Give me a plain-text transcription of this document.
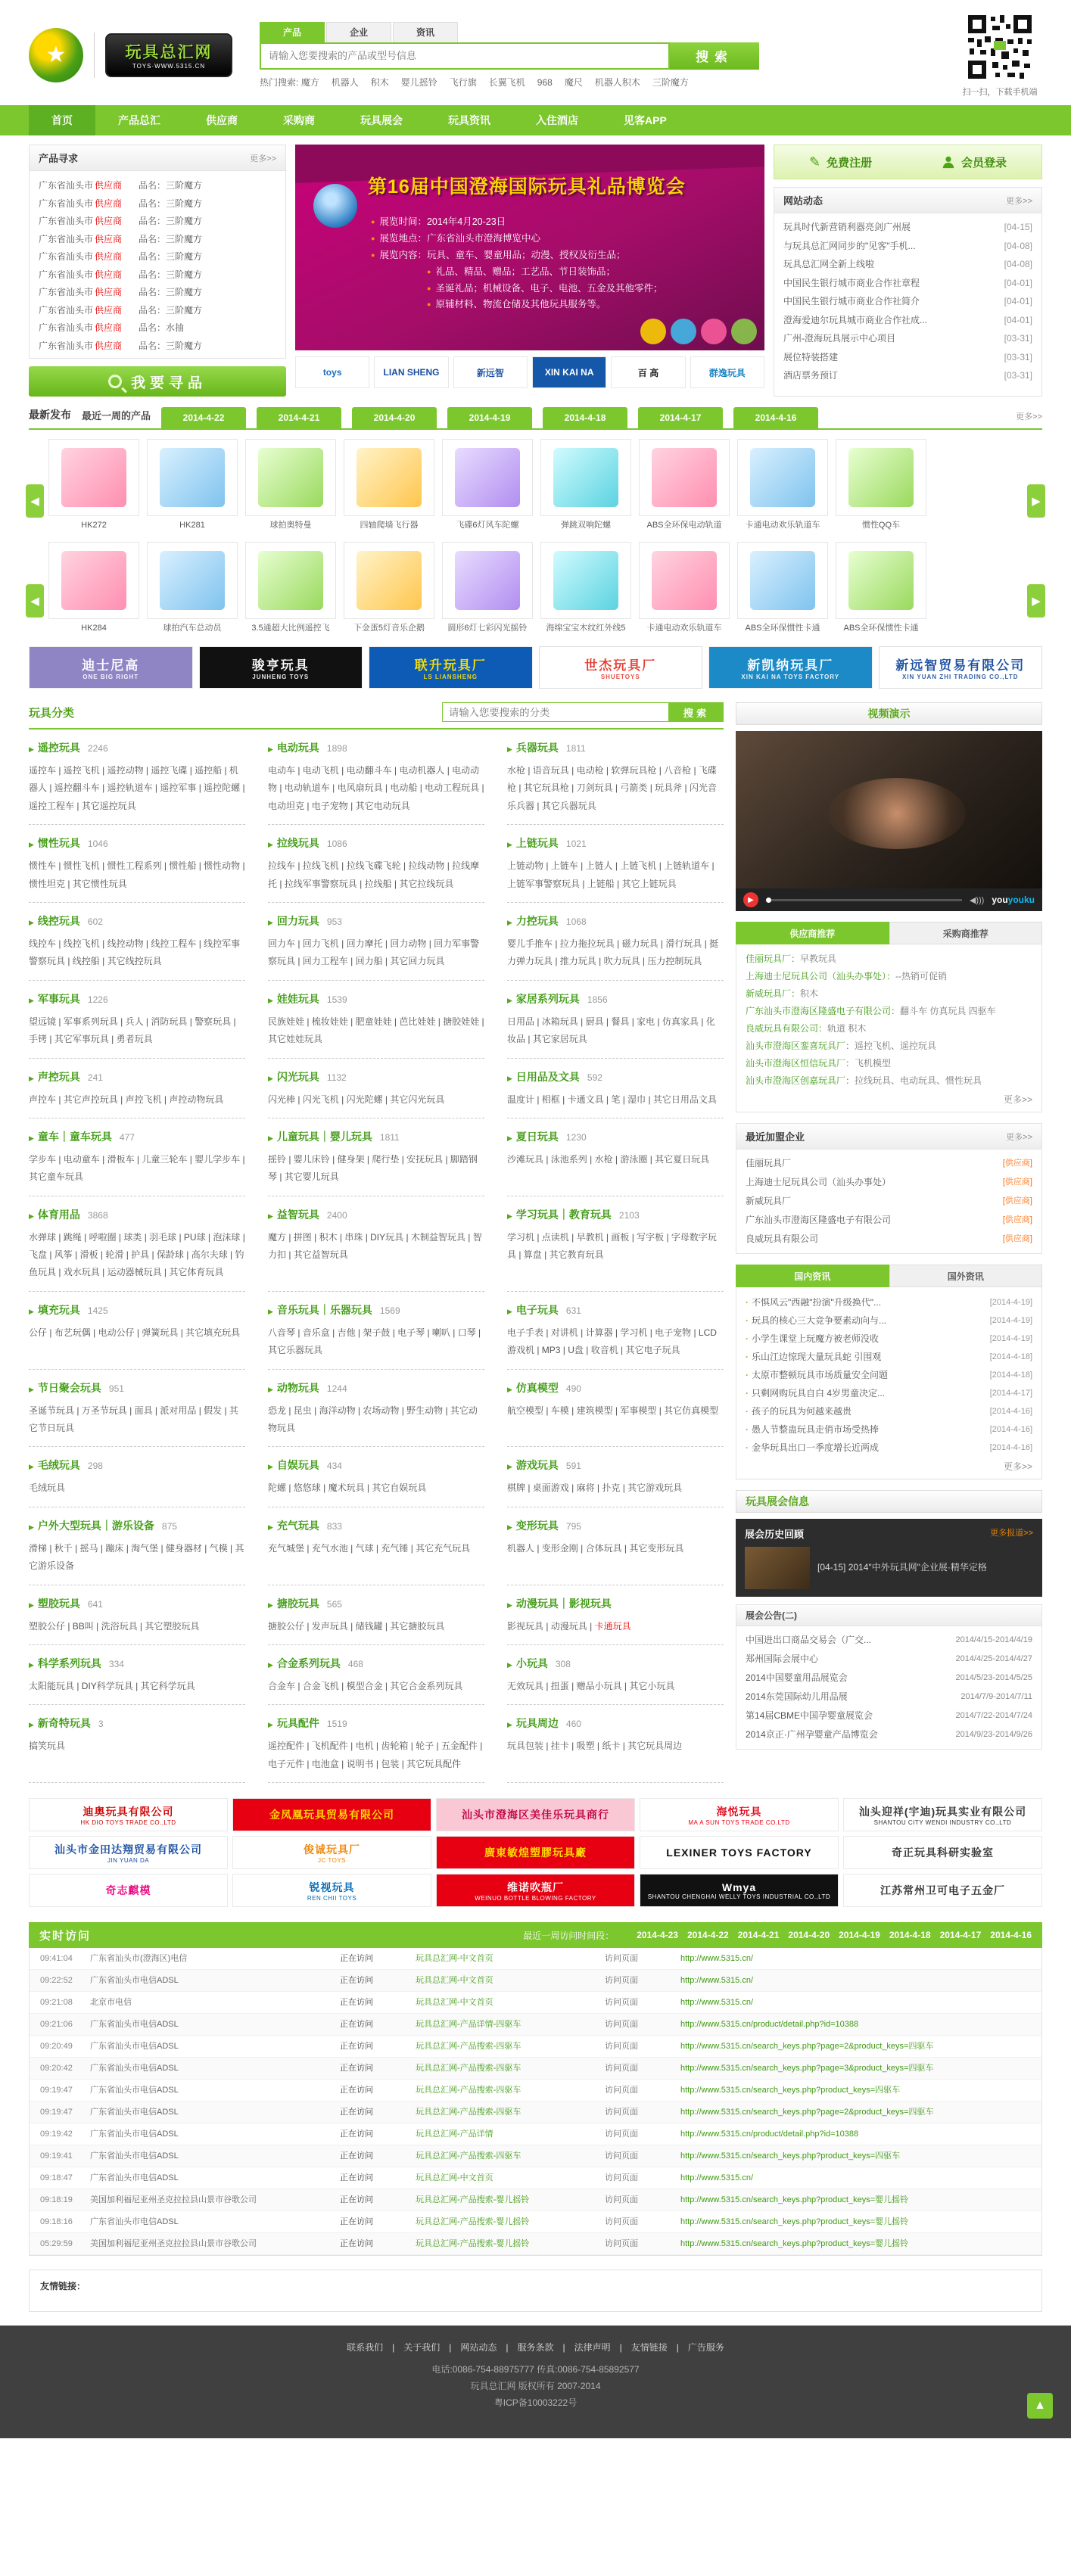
★	玩具总汇网
TOYS·WWW.5315.CN
产品	企业	资讯
请输入您要搜索的产品或型号信息
搜索
热门搜索: 魔方 机器人 积木 婴儿摇铃 飞行旗 长翼飞机 968 魔尺 机器人积木 三阶魔方
扫一扫，下载手机端
首页	产品总汇	供应商	采购商	玩具展会	玩具资讯	入住酒店	见客APP
产品寻求	更多>>
广东省汕头市 供应商 品名：三阶魔方
广东省汕头市 供应商 品名：三阶魔方
广东省汕头市 供应商 品名：三阶魔方
广东省汕头市 供应商 品名：三阶魔方
广东省汕头市 供应商 品名：三阶魔方
广东省汕头市 供应商 品名：三阶魔方
广东省汕头市 供应商 品名：三阶魔方
广东省汕头市 供应商 品名：三阶魔方
广东省汕头市 供应商 品名：水抽
广东省汕头市 供应商 品名：三阶魔方
我要寻品
第16届中国澄海国际玩具礼品博览会
● 展览时间：2014年4月20-23日
● 展览地点：广东省汕头市澄海博览中心
● 展览内容：玩具、童车、婴童用品；动漫、授权及衍生品；
● 礼品、精品、赠品；工艺品、节日装饰品；
● 圣诞礼品；机械设备、电子、电池、五金及其他零件；
● 原辅材料、物流仓储及其他玩具服务等。
toys	LIAN SHENG	新远智	XIN KAI NA	百 高	群逸玩具
✎ 免费注册	会员登录
网站动态	更多>>
玩具时代新营销利器亮剑广州展	[04-15]
与玩具总汇网同步的"见客"手机...	[04-08]
玩具总汇网全新上线啦	[04-08]
中国民生银行城市商业合作社章程	[04-01]
中国民生银行城市商业合作社简介	[04-01]
澄海爱迪尔玩具城市商业合作社成...	[04-01]
广州-澄海玩具展示中心项目	[03-31]
展位特装搭建	[03-31]
酒店票务预订	[03-31]
最新发布 最近一周的产品	2014-4-22	2014-4-21	2014-4-20	2014-4-19	2014-4-18	2014-4-17	2014-4-16	更多>>
◀	▶
◀	▶
HK272	HK281	球拍奥特曼	四轴爬墙飞行器	飞碟6灯风车陀螺	弹跳双响陀螺	ABS全环保电动轨道	卡通电动欢乐轨道车	惯性QQ车
HK284	球拍汽车总动员	3.5通超大比例遥控飞	下金蛋5灯音乐企鹅	圆形6灯七彩闪光摇铃	海绵宝宝木纹红外线5	卡通电动欢乐轨道车	ABS全环保惯性卡通	ABS全环保惯性卡通
迪士尼高
ONE BIG RIGHT
骏亨玩具
JUNHENG TOYS
联升玩具厂
LS LIANSHENG
世杰玩具厂
SHUETOYS
新凯纳玩具厂
XIN KAI NA TOYS FACTORY
新远智贸易有限公司
XIN YUAN ZHI TRADING CO.,LTD
玩具分类
请输入您要搜索的分类	搜索
▶ 遥控玩具 2246
遥控车 | 遥控飞机 | 遥控动物 | 遥控飞碟 | 遥控船 | 机器人 | 遥控翻斗车 | 遥控轨道车 | 遥控军事 | 遥控陀螺 | 遥控工程车 | 其它遥控玩具
▶ 电动玩具 1898
电动车 | 电动飞机 | 电动翻斗车 | 电动机器人 | 电动动物 | 电动轨道车 | 电风扇玩具 | 电动船 | 电动工程玩具 | 电动坦克 | 电子宠物 | 其它电动玩具
▶ 兵器玩具 1811
水枪 | 语音玩具 | 电动枪 | 软弹玩具枪 | 八音枪 | 飞碟枪 | 其它玩具枪 | 刀剑玩具 | 弓箭类 | 玩具斧 | 闪光音乐兵器 | 其它兵器玩具
▶ 惯性玩具 1046
惯性车 | 惯性飞机 | 惯性工程系列 | 惯性船 | 惯性动物 | 惯性坦克 | 其它惯性玩具
▶ 拉线玩具 1086
拉线车 | 拉线飞机 | 拉线飞碟飞轮 | 拉线动物 | 拉线摩托 | 拉线军事警察玩具 | 拉线船 | 其它拉线玩具
▶ 上链玩具 1021
上链动物 | 上链车 | 上链人 | 上链飞机 | 上链轨道车 | 上链军事警察玩具 | 上链船 | 其它上链玩具
▶ 线控玩具 602
线控车 | 线控飞机 | 线控动物 | 线控工程车 | 线控军事警察玩具 | 线控船 | 其它线控玩具
▶ 回力玩具 953
回力车 | 回力飞机 | 回力摩托 | 回力动物 | 回力军事警察玩具 | 回力工程车 | 回力船 | 其它回力玩具
▶ 力控玩具 1068
婴儿手推车 | 拉力拖拉玩具 | 磁力玩具 | 滑行玩具 | 挺力弹力玩具 | 推力玩具 | 吹力玩具 | 压力控制玩具
▶ 军事玩具 1226
望远镜 | 军事系列玩具 | 兵人 | 消防玩具 | 警察玩具 | 手铐 | 其它军事玩具 | 勇者玩具
▶ 娃娃玩具 1539
民族娃娃 | 梳妆娃娃 | 肥童娃娃 | 芭比娃娃 | 搪胶娃娃 | 其它娃娃玩具
▶ 家居系列玩具 1856
日用品 | 冰箱玩具 | 厨具 | 餐具 | 家电 | 仿真家具 | 化妆品 | 其它家居玩具
▶ 声控玩具 241
声控车 | 其它声控玩具 | 声控飞机 | 声控动物玩具
▶ 闪光玩具 1132
闪光棒 | 闪光飞机 | 闪光陀螺 | 其它闪光玩具
▶ 日用品及文具 592
温度计 | 相框 | 卡通文具 | 笔 | 湿巾 | 其它日用品文具
▶ 童车｜童车玩具 477
学步车 | 电动童车 | 滑板车 | 儿童三轮车 | 婴儿学步车 | 其它童车玩具
▶ 儿童玩具｜婴儿玩具 1811
摇铃 | 婴儿床铃 | 健身架 | 爬行垫 | 安抚玩具 | 脚踏钢琴 | 其它婴儿玩具
▶ 夏日玩具 1230
沙滩玩具 | 泳池系列 | 水枪 | 游泳圈 | 其它夏日玩具
▶ 体育用品 3868
水弹球 | 跳绳 | 呼啦圈 | 球类 | 羽毛球 | PU球 | 泡沫球 | 飞盘 | 风筝 | 滑板 | 轮滑 | 护具 | 保龄球 | 高尔夫球 | 钓鱼玩具 | 戏水玩具 | 运动器械玩具 | 其它体育玩具
▶ 益智玩具 2400
魔方 | 拼图 | 积木 | 串珠 | DIY玩具 | 木制益智玩具 | 智力扣 | 其它益智玩具
▶ 学习玩具｜教育玩具 2103
学习机 | 点读机 | 早教机 | 画板 | 写字板 | 字母数字玩具 | 算盘 | 其它教育玩具
▶ 填充玩具 1425
公仔 | 布艺玩偶 | 电动公仔 | 弹簧玩具 | 其它填充玩具
▶ 音乐玩具｜乐器玩具 1569
八音琴 | 音乐盒 | 吉他 | 架子鼓 | 电子琴 | 喇叭 | 口琴 | 其它乐器玩具
▶ 电子玩具 631
电子手表 | 对讲机 | 计算器 | 学习机 | 电子宠物 | LCD游戏机 | MP3 | U盘 | 收音机 | 其它电子玩具
▶ 节日聚会玩具 951
圣诞节玩具 | 万圣节玩具 | 面具 | 派对用品 | 假发 | 其它节日玩具
▶ 动物玩具 1244
恐龙 | 昆虫 | 海洋动物 | 农场动物 | 野生动物 | 其它动物玩具
▶ 仿真模型 490
航空模型 | 车模 | 建筑模型 | 军事模型 | 其它仿真模型
▶ 毛绒玩具 298
毛绒玩具
▶ 自娱玩具 434
陀螺 | 悠悠球 | 魔术玩具 | 其它自娱玩具
▶ 游戏玩具 591
棋牌 | 桌面游戏 | 麻将 | 扑克 | 其它游戏玩具
▶ 户外大型玩具｜游乐设备 875
滑梯 | 秋千 | 摇马 | 蹦床 | 淘气堡 | 健身器材 | 气模 | 其它游乐设备
▶ 充气玩具 833
充气城堡 | 充气水池 | 气球 | 充气锤 | 其它充气玩具
▶ 变形玩具 795
机器人 | 变形金刚 | 合体玩具 | 其它变形玩具
▶ 塑胶玩具 641
塑胶公仔 | BB叫 | 洗浴玩具 | 其它塑胶玩具
▶ 搪胶玩具 565
搪胶公仔 | 发声玩具 | 储钱罐 | 其它搪胶玩具
▶ 动漫玩具｜影视玩具
影视玩具 | 动漫玩具 | 卡通玩具
▶ 科学系列玩具 334
太阳能玩具 | DIY科学玩具 | 其它科学玩具
▶ 合金系列玩具 468
合金车 | 合金飞机 | 模型合金 | 其它合金系列玩具
▶ 小玩具 308
无效玩具 | 扭蛋 | 赠品小玩具 | 其它小玩具
▶ 新奇特玩具 3
搞笑玩具
▶ 玩具配件 1519
遥控配件 | 飞机配件 | 电机 | 齿轮箱 | 轮子 | 五金配件 | 电子元件 | 电池盒 | 说明书 | 包装 | 其它玩具配件
▶ 玩具周边 460
玩具包装 | 挂卡 | 吸塑 | 纸卡 | 其它玩具周边
视频演示
▶	◀))) youyouku
供应商推荐	采购商推荐
佳丽玩具厂：早教玩具
上海迪士尼玩具公司（汕头办事处）：--热销可促销
新威玩具厂：积木
广东汕头市澄海区隆盛电子有限公司：翻斗车 仿真玩具 四驱车
良威玩具有限公司：轨道 积木
汕头市澄海区銮喜玩具厂：遥控飞机、遥控玩具
汕头市澄海区恒信玩具厂：飞机模型
汕头市澄海区创嘉玩具厂：拉线玩具、电动玩具、惯性玩具
更多>>
最近加盟企业	更多>>
佳丽玩具厂	[供应商]
上海迪士尼玩具公司（汕头办事处）	[供应商]
新威玩具厂	[供应商]
广东汕头市澄海区隆盛电子有限公司	[供应商]
良威玩具有限公司	[供应商]
国内资讯	国外资讯
· 不惧风云"西融"扮演"升级换代"...	[2014-4-19]
· 玩具的核心三大竞争要素动向与...	[2014-4-19]
· 小学生课堂上玩魔方被老师没收	[2014-4-19]
· 乐山江边惊现大量玩具蛇 引围观	[2014-4-18]
· 太原市整顿玩具市场质量安全问题	[2014-4-18]
· 只剩网购玩具自白 4岁男童决定...	[2014-4-17]
· 孩子的玩具为何越来越贵	[2014-4-16]
· 愚人节整蛊玩具走俏市场受热捧	[2014-4-16]
· 金华玩具出口一季度增长近两成	[2014-4-16]
更多>>
玩具展会信息
展会历史回顾	更多报道>>
[04-15] 2014"中外玩具网"企业展·精华定格
展会公告(二)
中国进出口商品交易会（广交...	2014/4/15-2014/4/19
郑州国际会展中心	2014/4/25-2014/4/27
2014中国婴童用品展览会	2014/5/23-2014/5/25
2014东莞国际幼儿用品展	2014/7/9-2014/7/11
第14届CBME中国孕婴童展览会	2014/7/22-2014/7/24
2014京正·广州孕婴童产品博览会	2014/9/23-2014/9/26
迪奥玩具有限公司
HK DIO TOYS TRADE CO.,LTD
金凤凰玩具贸易有限公司	汕头市澄海区美佳乐玩具商行	海悦玩具
MA A SUN TOYS TRADE CO.LTD
汕头迎祥(宇迪)玩具实业有限公司
SHANTOU CITY WENDI INDUSTRY CO.,LTD
汕头市金田达翔贸易有限公司
JIN YUAN DA
俊诚玩具厂
JC TOYS
廣東敏煌塑膠玩具廠	LEXINER TOYS FACTORY	奇正玩具科研实验室
奇志麒模	锐视玩具
REN CHII TOYS
维诺吹瓶厂
WEINUO BOTTLE BLOWING FACTORY
Wmya
SHANTOU CHENGHAI WELLY TOYS INDUSTRIAL CO.,LTD	江苏常州卫可电子五金厂
实时访问	最近一周访问时间段：	2014-4-23 2014-4-22 2014-4-21 2014-4-20 2014-4-19 2014-4-18 2014-4-17 2014-4-16
09:41:04	广东省汕头市(澄海区)电信	正在访问	玩具总汇网-中文首页	访问页面	http://www.5315.cn/
09:22:52	广东省汕头市电信ADSL	正在访问	玩具总汇网-中文首页	访问页面	http://www.5315.cn/
09:21:08	北京市电信	正在访问	玩具总汇网-中文首页	访问页面	http://www.5315.cn/
09:21:06	广东省汕头市电信ADSL	正在访问	玩具总汇网-产品详情-四驱车	访问页面	http://www.5315.cn/product/detail.php?id=10388
09:20:49	广东省汕头市电信ADSL	正在访问	玩具总汇网-产品搜索-四驱车	访问页面	http://www.5315.cn/search_keys.php?page=2&product_keys=四驱车
09:20:42	广东省汕头市电信ADSL	正在访问	玩具总汇网-产品搜索-四驱车	访问页面	http://www.5315.cn/search_keys.php?page=3&product_keys=四驱车
09:19:47	广东省汕头市电信ADSL	正在访问	玩具总汇网-产品搜索-四驱车	访问页面	http://www.5315.cn/search_keys.php?product_keys=四驱车
09:19:47	广东省汕头市电信ADSL	正在访问	玩具总汇网-产品搜索-四驱车	访问页面	http://www.5315.cn/search_keys.php?page=2&product_keys=四驱车
09:19:42	广东省汕头市电信ADSL	正在访问	玩具总汇网-产品详情	访问页面	http://www.5315.cn/product/detail.php?id=10388
09:19:41	广东省汕头市电信ADSL	正在访问	玩具总汇网-产品搜索-四驱车	访问页面	http://www.5315.cn/search_keys.php?product_keys=四驱车
09:18:47	广东省汕头市电信ADSL	正在访问	玩具总汇网-中文首页	访问页面	http://www.5315.cn/
09:18:19	美国加利福尼亚州圣克拉拉县山景市谷歌公司	正在访问	玩具总汇网-产品搜索-婴儿摇铃	访问页面	http://www.5315.cn/search_keys.php?product_keys=婴儿摇铃
09:18:16	广东省汕头市电信ADSL	正在访问	玩具总汇网-产品搜索-婴儿摇铃	访问页面	http://www.5315.cn/search_keys.php?product_keys=婴儿摇铃
05:29:59	美国加利福尼亚州圣克拉拉县山景市谷歌公司	正在访问	玩具总汇网-产品搜索-婴儿摇铃	访问页面	http://www.5315.cn/search_keys.php?product_keys=婴儿摇铃
友情链接：
联系我们 | 关于我们 | 网站动态 | 服务条款 | 法律声明 | 友情链接 | 广告服务

电话:0086-754-88975777 传真:0086-754-85892577

玩具总汇网 版权所有 2007-2014

粤ICP备10003222号	▲
